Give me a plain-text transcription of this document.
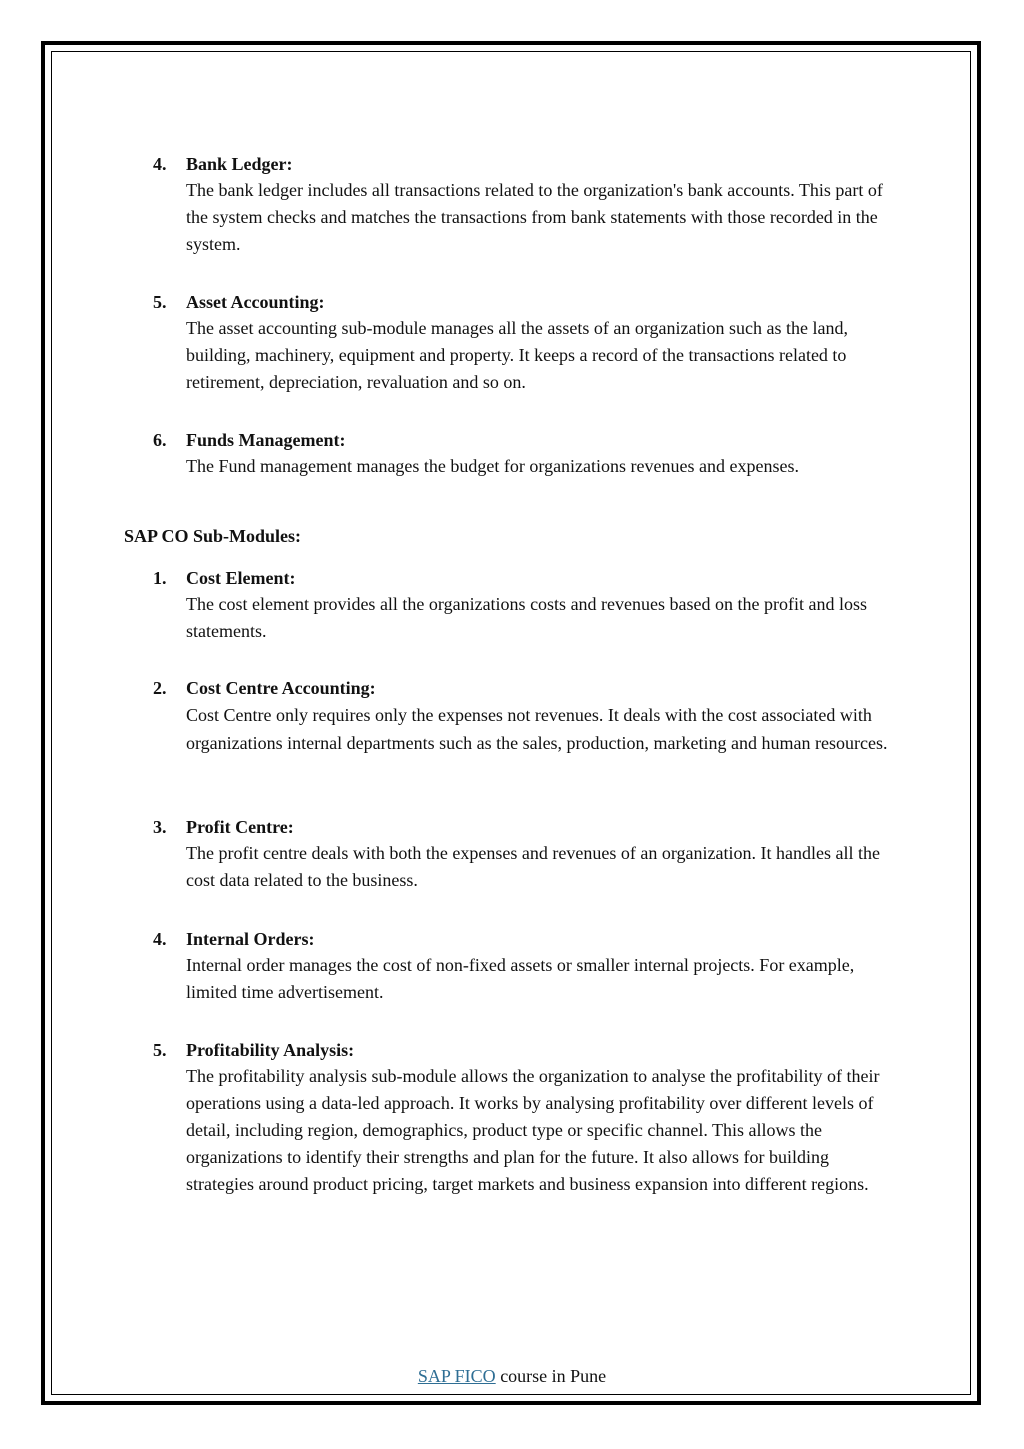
4. Bank Ledger:

The bank ledger includes all transactions related to the organization's bank accounts. This part of the system checks and matches the transactions from bank statements with those recorded in the system.

5. Asset Accounting:

The asset accounting sub-module manages all the assets of an organization such as the land, building, machinery, equipment and property. It keeps a record of the transactions related to retirement, depreciation, revaluation and so on.

6. Funds Management:

The Fund management manages the budget for organizations revenues and expenses.

SAP CO Sub-Modules:
1. Cost Element:

The cost element provides all the organizations costs and revenues based on the profit and loss statements.

2. Cost Centre Accounting:

Cost Centre only requires only the expenses not revenues. It deals with the cost associated with organizations internal departments such as the sales, production, marketing and human resources.

3. Profit Centre:

The profit centre deals with both the expenses and revenues of an organization. It handles all the cost data related to the business.

4. Internal Orders:

Internal order manages the cost of non-fixed assets or smaller internal projects. For example, limited time advertisement.

5. Profitability Analysis:

The profitability analysis sub-module allows the organization to analyse the profitability of their operations using a data-led approach. It works by analysing profitability over different levels of detail, including region, demographics, product type or specific channel. This allows the organizations to identify their strengths and plan for the future. It also allows for building strategies around product pricing, target markets and business expansion into different regions.

SAP FICO course in Pune
